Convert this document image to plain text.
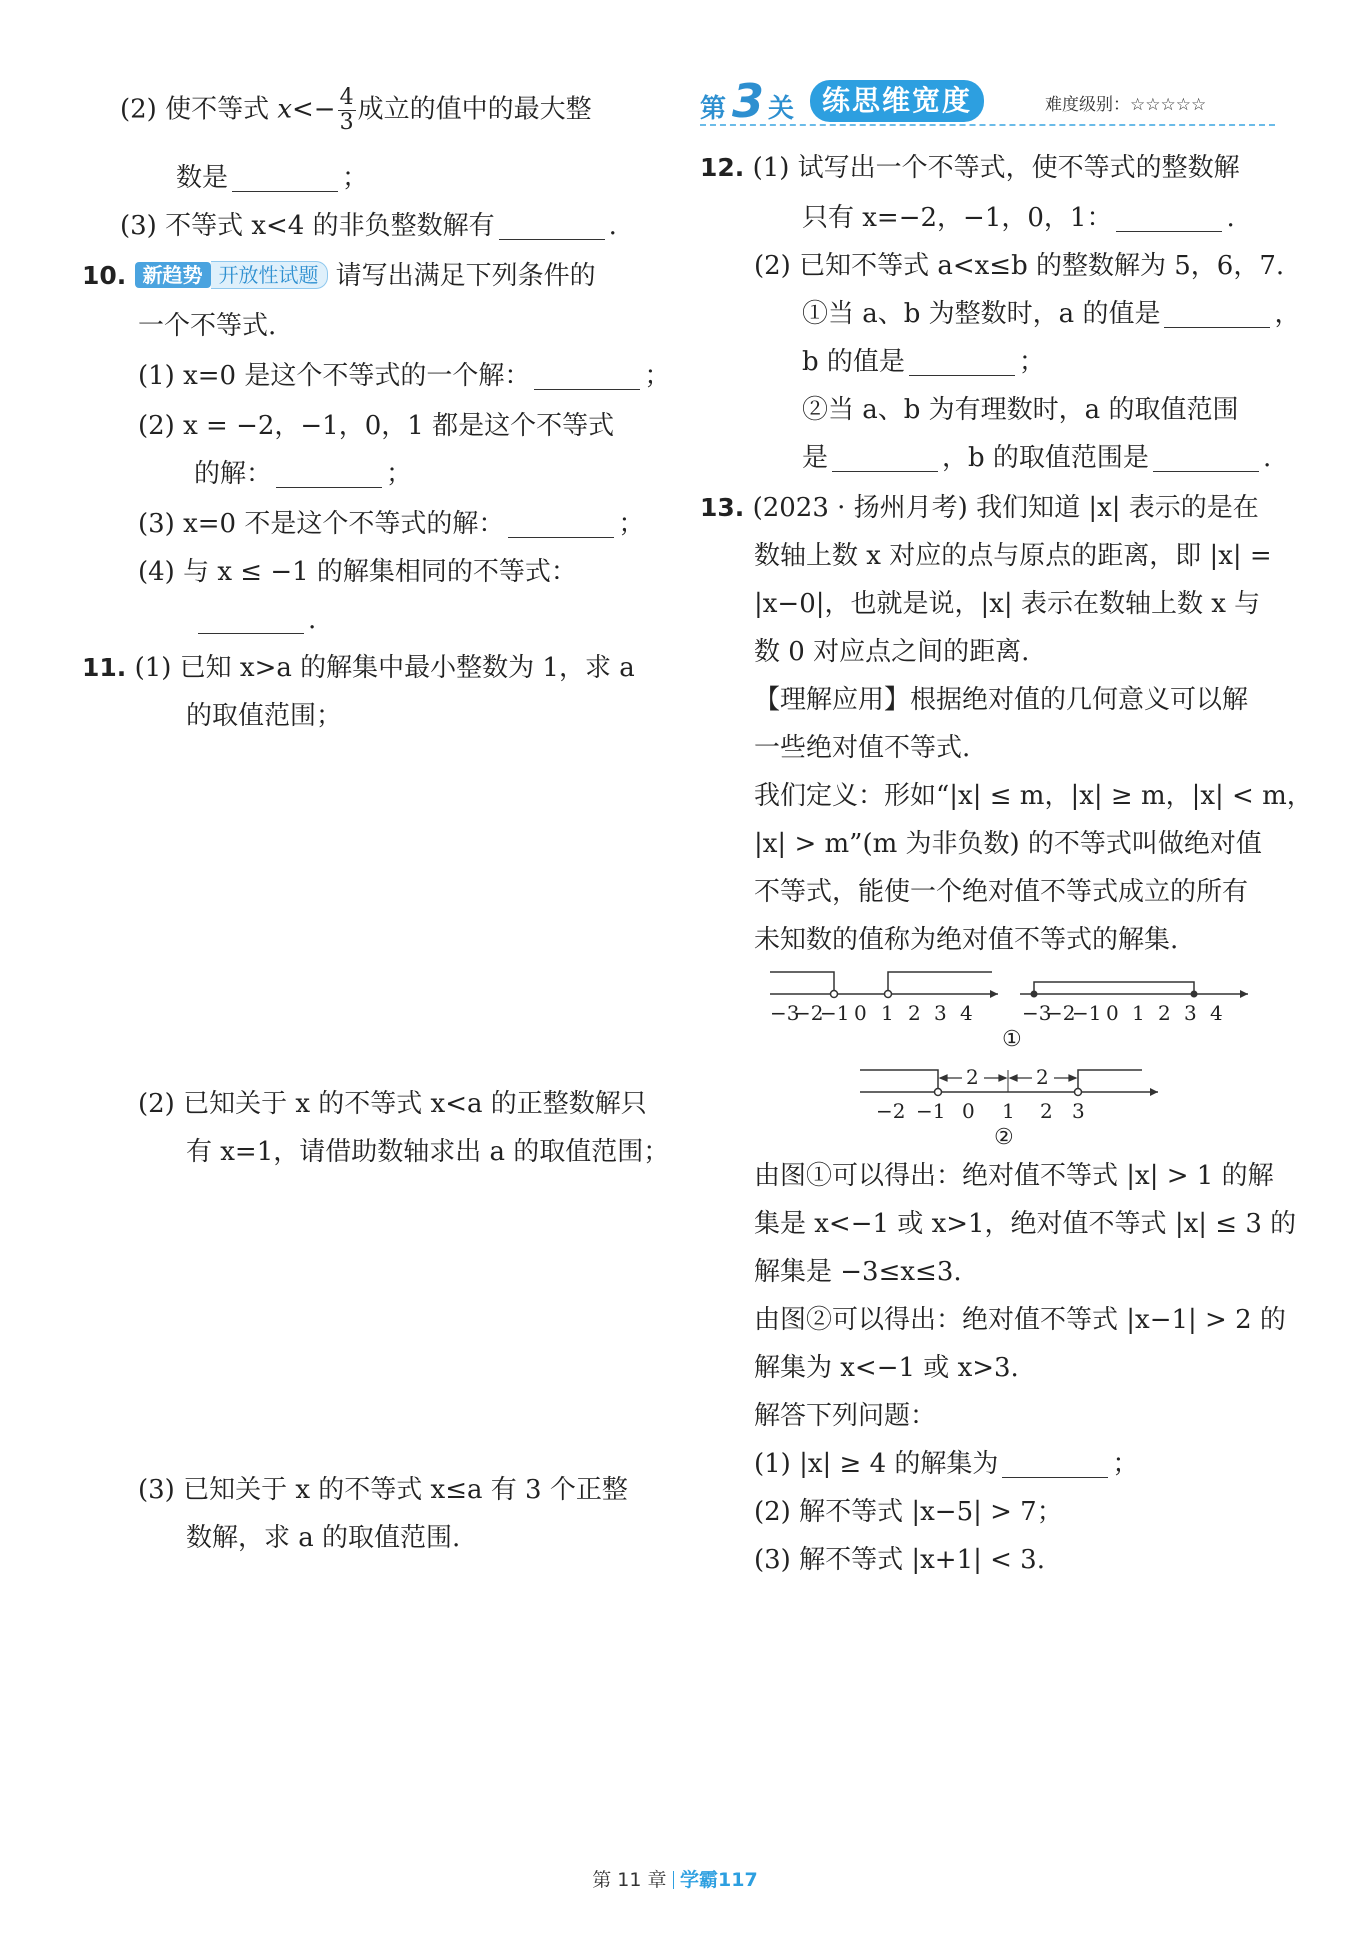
(2) 使不等式 $x<- \frac{4}{3}$ 成立的值中的最大整
数是	；
(3) 不等式 x<4 的非负整数解有	.
10. 新趋势 开放性试题 请写出满足下列条件的
一个不等式.
(1) x=0 是这个不等式的一个解：	；
(2) x = −2，−1，0，1 都是这个不等式
的解：	；
(3) x=0 不是这个不等式的解：	；
(4) 与 x ≤ −1 的解集相同的不等式：
.
11. (1) 已知 x>a 的解集中最小整数为 1，求 a
的取值范围；
(2) 已知关于 x 的不等式 x<a 的正整数解只
有 x=1，请借助数轴求出 a 的取值范围；
(3) 已知关于 x 的不等式 x≤a 有 3 个正整
数解，求 a 的取值范围.
第 3 关 练思维宽度	难度级别：☆☆☆☆☆
12. (1) 试写出一个不等式，使不等式的整数解
只有 x=−2，−1，0，1：	.
(2) 已知不等式 a<x≤b 的整数解为 5，6，7.
①当 a、b 为整数时，a 的值是	，
b 的值是	；
②当 a、b 为有理数时，a 的取值范围
是	，b 的取值范围是	.
13. (2023 · 扬州月考) 我们知道 |x| 表示的是在
数轴上数 x 对应的点与原点的距离，即 |x| =
|x−0|，也就是说，|x| 表示在数轴上数 x 与
数 0 对应点之间的距离.
【理解应用】根据绝对值的几何意义可以解
一些绝对值不等式.
我们定义：形如“|x| ≤ m，|x| ≥ m，|x| < m，
|x| > m”(m 为非负数) 的不等式叫做绝对值
不等式，能使一个绝对值不等式成立的所有
未知数的值称为绝对值不等式的解集.
−3
−2
−1 0 1 2 3 4 −3
−2
−1 0 1 2 3 4
①
2	2
−2 −1 0 1 2 3
②
由图①可以得出：绝对值不等式 |x| > 1 的解
集是 x<−1 或 x>1，绝对值不等式 |x| ≤ 3 的
解集是 −3≤x≤3.
由图②可以得出：绝对值不等式 |x−1| > 2 的
解集为 x<−1 或 x>3.
解答下列问题：
(1) |x| ≥ 4 的解集为	；
(2) 解不等式 |x−5| > 7；
(3) 解不等式 |x+1| < 3.
第 11 章 学霸117
